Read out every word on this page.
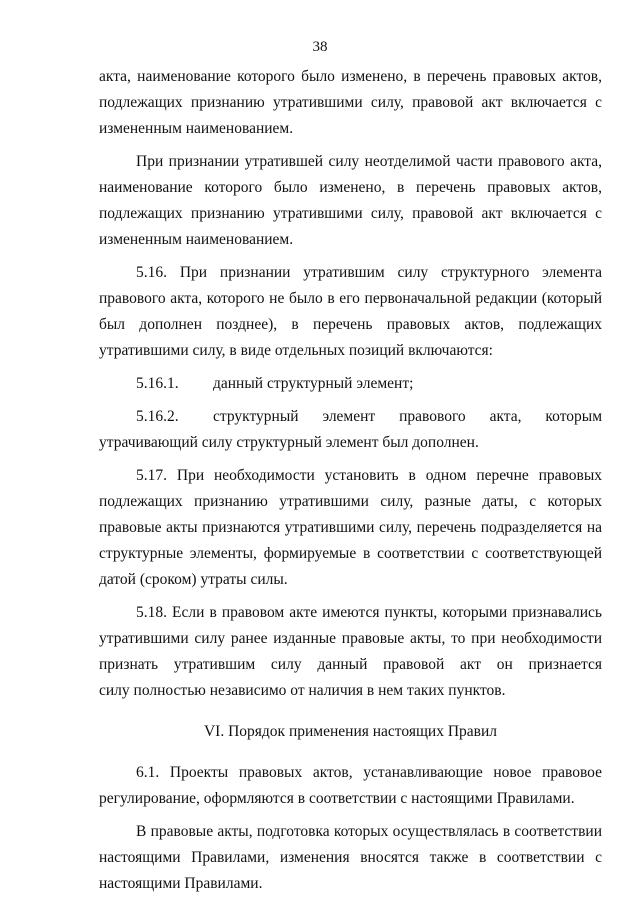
38
акта, наименование которого было изменено, в перечень правовых актов,
подлежащих признанию утратившими силу, правовой акт включается с
измененным наименованием.
При признании утратившей силу неотделимой части правового акта,
наименование которого было изменено, в перечень правовых актов,
подлежащих признанию утратившими силу, правовой акт включается с
измененным наименованием.
5.16. При признании утратившим силу структурного элемента
правового акта, которого не было в его первоначальной редакции (который
был дополнен позднее), в перечень правовых актов, подлежащих
утратившими силу, в виде отдельных позиций включаются:
5.16.1.	данный структурный элемент;
5.16.2.	структурный элемент правового акта, которым
утрачивающий силу структурный элемент был дополнен.
5.17. При необходимости установить в одном перечне правовых
подлежащих признанию утратившими силу, разные даты, с которых
правовые акты признаются утратившими силу, перечень подразделяется на
структурные элементы, формируемые в соответствии с соответствующей
датой (сроком) утраты силы.
5.18. Если в правовом акте имеются пункты, которыми признавались
утратившими силу ранее изданные правовые акты, то при необходимости
признать утратившим силу данный правовой акт он признается
силу полностью независимо от наличия в нем таких пунктов.
VI. Порядок применения настоящих Правил
6.1. Проекты правовых актов, устанавливающие новое правовое
регулирование, оформляются в соответствии с настоящими Правилами.
В правовые акты, подготовка которых осуществлялась в соответствии
настоящими Правилами, изменения вносятся также в соответствии с
настоящими Правилами.
